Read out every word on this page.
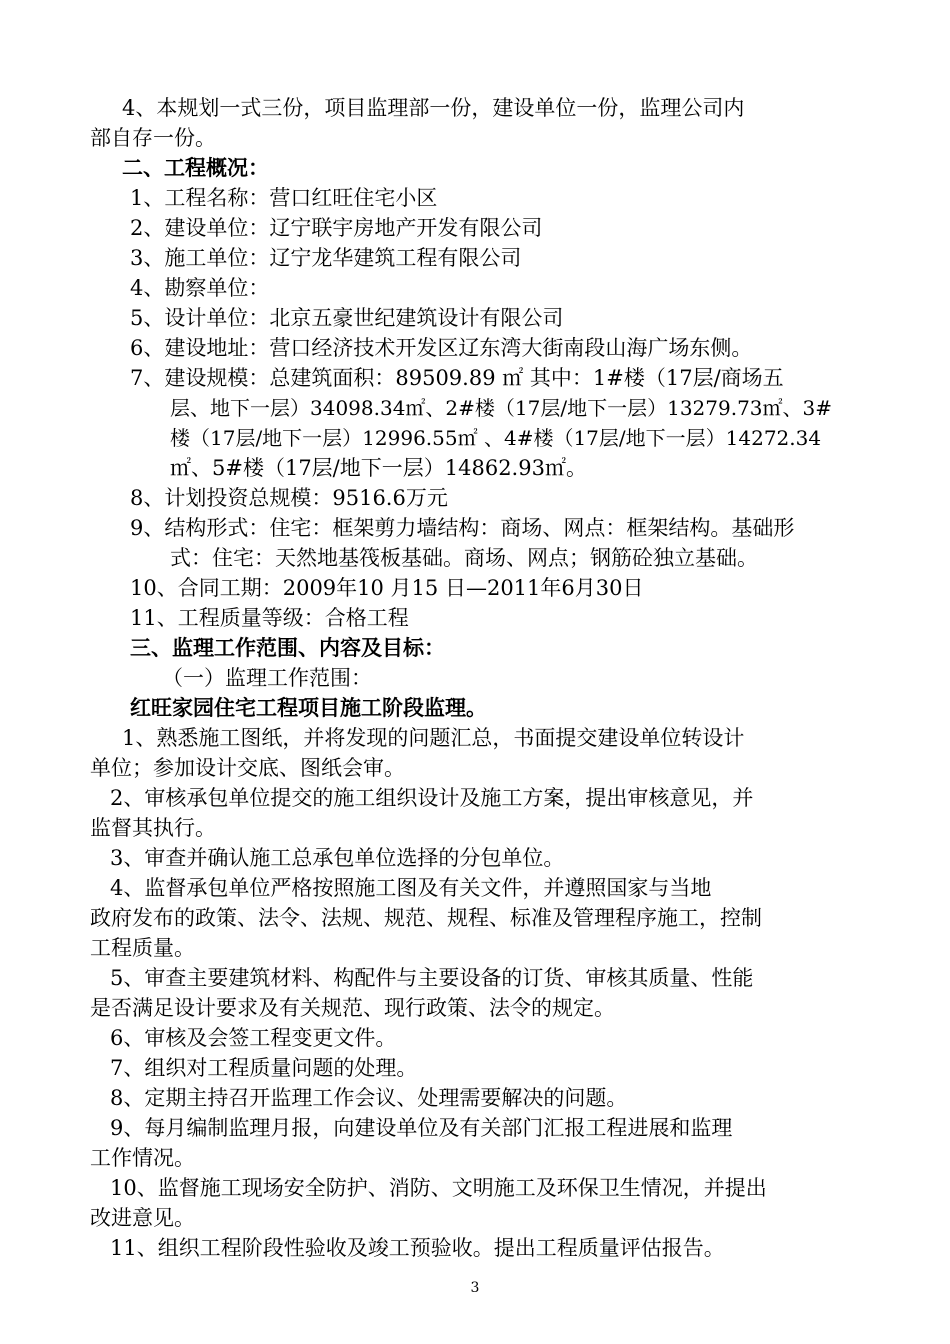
4、本规划一式三份，项目监理部一份，建设单位一份，监理公司内
部自存一份。
二、工程概况：
1、工程名称：营口红旺住宅小区
2、建设单位：辽宁联宇房地产开发有限公司
3、施工单位：辽宁龙华建筑工程有限公司
4、勘察单位：
5、设计单位：北京五豪世纪建筑设计有限公司
6、建设地址：营口经济技术开发区辽东湾大街南段山海广场东侧。
7、建设规模：总建筑面积：89509.89 ㎡ 其中：1#楼（17层/商场五
层、地下一层）34098.34㎡、2#楼（17层/地下一层）13279.73㎡、3#
楼（17层/地下一层）12996.55㎡ 、4#楼（17层/地下一层）14272.34
㎡、5#楼（17层/地下一层）14862.93㎡。
8、计划投资总规模：9516.6万元
9、结构形式：住宅：框架剪力墙结构：商场、网点：框架结构。基础形
式：住宅：天然地基筏板基础。商场、网点；钢筋砼独立基础。
10、合同工期：2009年10 月15 日—2011年6月30日
11、工程质量等级：合格工程
三、监理工作范围、内容及目标：
（一）监理工作范围：
红旺家园住宅工程项目施工阶段监理。
1、熟悉施工图纸，并将发现的问题汇总，书面提交建设单位转设计
单位；参加设计交底、图纸会审。
2、审核承包单位提交的施工组织设计及施工方案，提出审核意见，并
监督其执行。
3、审查并确认施工总承包单位选择的分包单位。
4、监督承包单位严格按照施工图及有关文件，并遵照国家与当地
政府发布的政策、法令、法规、规范、规程、标准及管理程序施工，控制
工程质量。
5、审查主要建筑材料、构配件与主要设备的订货、审核其质量、性能
是否满足设计要求及有关规范、现行政策、法令的规定。
6、审核及会签工程变更文件。
7、组织对工程质量问题的处理。
8、定期主持召开监理工作会议、处理需要解决的问题。
9、每月编制监理月报，向建设单位及有关部门汇报工程进展和监理
工作情况。
10、监督施工现场安全防护、消防、文明施工及环保卫生情况，并提出
改进意见。
11、组织工程阶段性验收及竣工预验收。提出工程质量评估报告。
3
